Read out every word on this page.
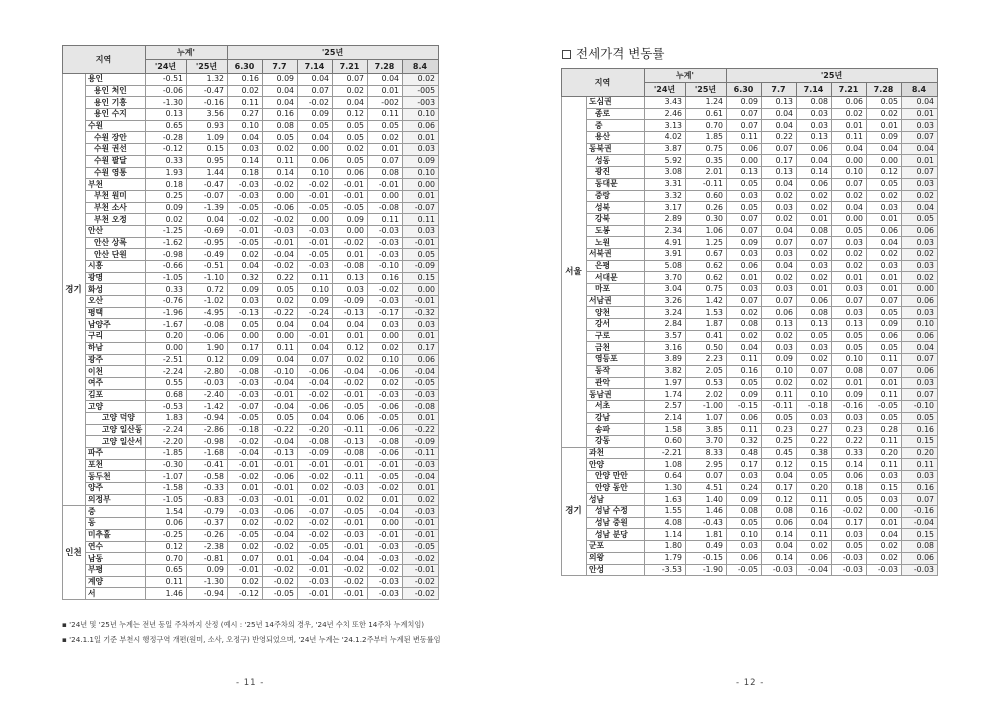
지역		누계'		'25년					
		'24년	'25년	6.30	7.7	7.14	7.21	7.28	8.4
경기	용인	-0.51	1.32	0.16	0.09	0.04	0.07	0.04	0.02
	용인 처인	-0.06	-0.47	0.02	0.04	0.07	0.02	0.01	-005
	용인 기흥	-1.30	-0.16	0.11	0.04	-0.02	0.04	-002	-003
	용인 수지	0.13	3.56	0.27	0.16	0.09	0.12	0.11	0.10
	수원	0.65	0.93	0.10	0.08	0.05	0.05	0.05	0.06
	수원 장안	-0.28	1.09	0.04	0.05	0.04	0.05	0.02	0.01
	수원 권선	-0.12	0.15	0.03	0.02	0.00	0.02	0.01	0.03
	수원 팔달	0.33	0.95	0.14	0.11	0.06	0.05	0.07	0.09
	수원 영통	1.93	1.44	0.18	0.14	0.10	0.06	0.08	0.10
	부천	0.18	-0.47	-0.03	-0.02	-0.02	-0.01	-0.01	0.00
	부천 원미	0.25	-0.07	-0.03	0.00	-0.01	-0.01	0.00	0.01
	부천 소사	0.09	-1.39	-0.05	-0.06	-0.05	-0.05	-0.08	-0.07
	부천 오정	0.02	0.04	-0.02	-0.02	0.00	0.09	0.11	0.11
	안산	-1.25	-0.69	-0.01	-0.03	-0.03	0.00	-0.03	0.03
	안산 상록	-1.62	-0.95	-0.05	-0.01	-0.01	-0.02	-0.03	-0.01
	안산 단원	-0.98	-0.49	0.02	-0.04	-0.05	0.01	-0.03	0.05
	시흥	-0.66	-0.51	0.04	-0.02	-0.03	-0.08	-0.10	-0.09
	광명	-1.05	-1.10	0.32	0.22	0.11	0.13	0.16	0.15
	화성	0.33	0.72	0.09	0.05	0.10	0.03	-0.02	0.00
	오산	-0.76	-1.02	0.03	0.02	0.09	-0.09	-0.03	-0.01
	평택	-1.96	-4.95	-0.13	-0.22	-0.24	-0.13	-0.17	-0.32
	남양주	-1.67	-0.08	0.05	0.04	0.04	0.04	0.03	0.03
	구리	0.20	-0.06	0.00	0.00	-0.01	0.01	0.00	0.01
	하남	0.00	1.90	0.17	0.11	0.04	0.12	0.02	0.17
	광주	-2.51	0.12	0.09	0.04	0.07	0.02	0.10	0.06
	이천	-2.24	-2.80	-0.08	-0.10	-0.06	-0.04	-0.06	-0.04
	여주	0.55	-0.03	-0.03	-0.04	-0.04	-0.02	0.02	-0.05
	김포	0.68	-2.40	-0.03	-0.01	-0.02	-0.01	-0.03	-0.03
	고양	-0.53	-1.42	-0.07	-0.04	-0.06	-0.05	-0.06	-0.08
	고양 덕양	1.83	-0.94	-0.05	0.05	0.04	0.06	-0.05	0.01
	고양 일산동	-2.24	-2.86	-0.18	-0.22	-0.20	-0.11	-0.06	-0.22
	고양 일산서	-2.20	-0.98	-0.02	-0.04	-0.08	-0.13	-0.08	-0.09
	파주	-1.85	-1.68	-0.04	-0.13	-0.09	-0.08	-0.06	-0.11
	포천	-0.30	-0.41	-0.01	-0.01	-0.01	-0.01	-0.01	-0.03
	동두천	-1.07	-0.58	-0.02	-0.06	-0.02	-0.11	-0.05	-0.04
	양주	-1.58	-0.33	0.01	-0.01	0.02	-0.03	-0.02	0.01
	의정부	-1.05	-0.83	-0.03	-0.01	-0.01	0.02	0.01	0.02
인천	중	1.54	-0.79	-0.03	-0.06	-0.07	-0.05	-0.04	-0.03
	동	0.06	-0.37	0.02	-0.02	-0.02	-0.01	0.00	-0.01
	미추홀	-0.25	-0.26	-0.05	-0.04	-0.02	-0.03	-0.01	-0.01
	연수	0.12	-2.38	0.02	-0.02	-0.05	-0.01	-0.03	-0.05
	남동	0.70	-0.81	0.07	0.01	-0.04	-0.04	-0.03	-0.02
	부평	0.65	0.09	-0.01	-0.02	-0.01	-0.02	-0.02	-0.01
	계양	0.11	-1.30	0.02	-0.02	-0.03	-0.02	-0.03	-0.02
	서	1.46	-0.94	-0.12	-0.05	-0.01	-0.01	-0.03	-0.02
▪ '24년 및 '25년 누계는 전년 동일 주차까지 산정 (예시 : '25년 14주차의 경우, '24년 수치 또한 14주차 누계치임)
▪ '24.1.1일 기준 부천시 행정구역 개편(원미, 소사, 오정구) 반영되었으며, '24년 누계는 '24.1.2주부터 누계된 변동률임
- 11 -
전세가격 변동률
지역		누계'		'25년					
		'24년	'25년	6.30	7.7	7.14	7.21	7.28	8.4
서울	도심권	3.43	1.24	0.09	0.13	0.08	0.06	0.05	0.04
	종로	2.46	0.61	0.07	0.04	0.03	0.02	0.02	0.01
	중	3.13	0.70	0.07	0.04	0.03	0.01	0.01	0.03
	용산	4.02	1.85	0.11	0.22	0.13	0.11	0.09	0.07
	동북권	3.87	0.75	0.06	0.07	0.06	0.04	0.04	0.04
	성동	5.92	0.35	0.00	0.17	0.04	0.00	0.00	0.01
	광진	3.08	2.01	0.13	0.13	0.14	0.10	0.12	0.07
	동대문	3.31	-0.11	0.05	0.04	0.06	0.07	0.05	0.03
	중랑	3.32	0.60	0.03	0.02	0.02	0.02	0.02	0.02
	성북	3.17	0.26	0.05	0.03	0.02	0.04	0.03	0.04
	강북	2.89	0.30	0.07	0.02	0.01	0.00	0.01	0.05
	도봉	2.34	1.06	0.07	0.04	0.08	0.05	0.06	0.06
	노원	4.91	1.25	0.09	0.07	0.07	0.03	0.04	0.03
	서북권	3.91	0.67	0.03	0.03	0.02	0.02	0.02	0.02
	은평	5.08	0.62	0.06	0.04	0.03	0.02	0.03	0.03
	서대문	3.70	0.62	0.01	0.02	0.02	0.01	0.01	0.02
	마포	3.04	0.75	0.03	0.03	0.01	0.03	0.01	0.00
	서남권	3.26	1.42	0.07	0.07	0.06	0.07	0.07	0.06
	양천	3.24	1.53	0.02	0.06	0.08	0.03	0.05	0.03
	강서	2.84	1.87	0.08	0.13	0.13	0.13	0.09	0.10
	구로	3.57	0.41	0.02	0.02	0.05	0.05	0.06	0.06
	금천	3.16	0.50	0.04	0.03	0.03	0.05	0.05	0.04
	영등포	3.89	2.23	0.11	0.09	0.02	0.10	0.11	0.07
	동작	3.82	2.05	0.16	0.10	0.07	0.08	0.07	0.06
	관악	1.97	0.53	0.05	0.02	0.02	0.01	0.01	0.03
	동남권	1.74	2.02	0.09	0.11	0.10	0.09	0.11	0.07
	서초	2.57	-1.00	-0.15	-0.11	-0.18	-0.16	-0.05	-0.10
	강남	2.14	1.07	0.06	0.05	0.03	0.03	0.05	0.05
	송파	1.58	3.85	0.11	0.23	0.27	0.23	0.28	0.16
	강동	0.60	3.70	0.32	0.25	0.22	0.22	0.11	0.15
경기	과천	-2.21	8.33	0.48	0.45	0.38	0.33	0.20	0.20
	안양	1.08	2.95	0.17	0.12	0.15	0.14	0.11	0.11
	안양 만안	0.64	0.07	0.03	0.04	0.05	0.06	0.03	0.03
	안양 동안	1.30	4.51	0.24	0.17	0.20	0.18	0.15	0.16
	성남	1.63	1.40	0.09	0.12	0.11	0.05	0.03	0.07
	성남 수정	1.55	1.46	0.08	0.08	0.16	-0.02	0.00	-0.16
	성남 중원	4.08	-0.43	0.05	0.06	0.04	0.17	0.01	-0.04
	성남 분당	1.14	1.81	0.10	0.14	0.11	0.03	0.04	0.15
	군포	1.80	0.49	0.03	0.04	0.02	0.05	0.02	0.08
	의왕	1.79	-0.15	0.06	0.14	0.06	-0.03	0.02	0.06
	안성	-3.53	-1.90	-0.05	-0.03	-0.04	-0.03	-0.03	-0.03
- 12 -
